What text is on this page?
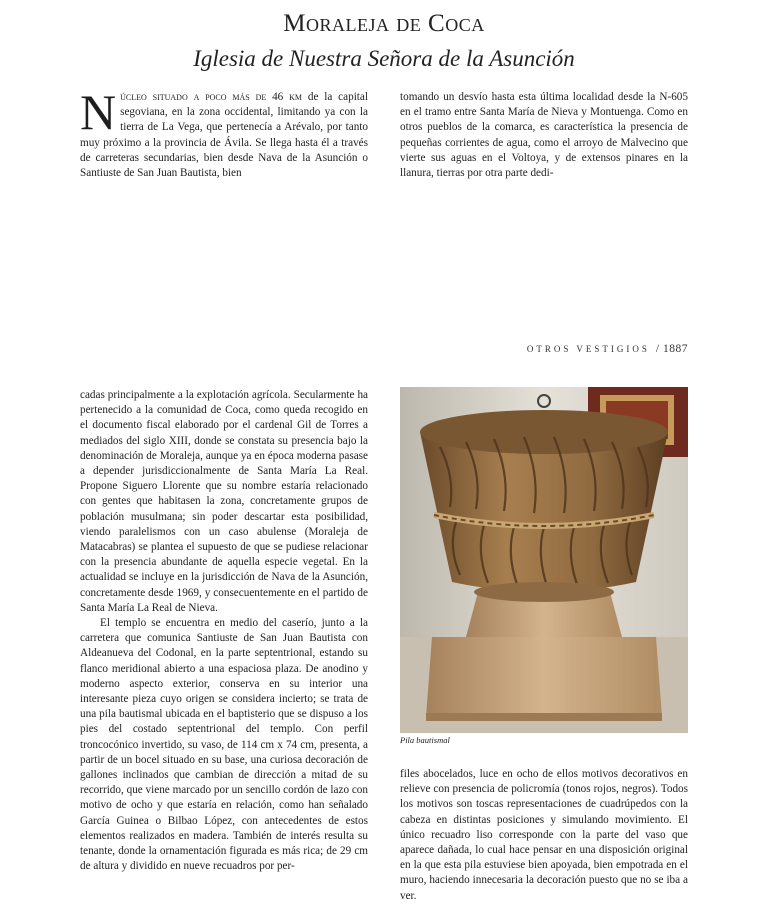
Moraleja de Coca
Iglesia de Nuestra Señora de la Asunción

Núcleo situado a poco más de 46 km de la capital segoviana, en la zona occidental, limitando ya con la tierra de La Vega, que pertenecía a Arévalo, por tanto muy próximo a la provincia de Ávila. Se llega hasta él a través de carreteras secundarias, bien desde Nava de la Asunción o Santiuste de San Juan Bautista, bien

tomando un desvío hasta esta última localidad desde la N-605 en el tramo entre Santa María de Nieva y Montuenga. Como en otros pueblos de la comarca, es característica la presencia de pequeñas corrientes de agua, como el arroyo de Malvecino que vierte sus aguas en el Voltoya, y de extensos pinares en la llanura, tierras por otra parte dedi-

OTROS VESTIGIOS / 1887

cadas principalmente a la explotación agrícola. Secularmente ha pertenecido a la comunidad de Coca, como queda recogido en el documento fiscal elaborado por el cardenal Gil de Torres a mediados del siglo XIII, donde se constata su presencia bajo la denominación de Moraleja, aunque ya en época moderna pasase a depender jurisdiccionalmente de Santa María La Real. Propone Siguero Llorente que su nombre estaría relacionado con gentes que habitasen la zona, concretamente grupos de población musulmana; sin poder descartar esta posibilidad, viendo paralelismos con un caso abulense (Moraleja de Matacabras) se plantea el supuesto de que se pudiese relacionar con la presencia abundante de aquella especie vegetal. En la actualidad se incluye en la jurisdicción de Nava de la Asunción, concretamente desde 1969, y consecuentemente en el partido de Santa María La Real de Nieva.

El templo se encuentra en medio del caserío, junto a la carretera que comunica Santiuste de San Juan Bautista con Aldeanueva del Codonal, en la parte septentrional, estando su flanco meridional abierto a una espaciosa plaza. De anodino y moderno aspecto exterior, conserva en su interior una interesante pieza cuyo origen se considera incierto; se trata de una pila bautismal ubicada en el baptisterio que se dispuso a los pies del costado septentrional del templo. Con perfil troncocónico invertido, su vaso, de 114 cm x 74 cm, presenta, a partir de un bocel situado en su base, una curiosa decoración de gallones inclinados que cambian de dirección a mitad de su recorrido, que viene marcado por un sencillo cordón de lazo con motivo de ocho y que estaría en relación, como han señalado García Guinea o Bilbao López, con antecedentes de estos elementos realizados en madera. También de interés resulta su tenante, donde la ornamentación figurada es más rica; de 29 cm de altura y dividido en nueve recuadros por per-

Pila bautismal

files abocelados, luce en ocho de ellos motivos decorativos en relieve con presencia de policromía (tonos rojos, negros). Todos los motivos son toscas representaciones de cuadrúpedos con la cabeza en distintas posiciones y simulando movimiento. El único recuadro liso corresponde con la parte del vaso que aparece dañada, lo cual hace pensar en una disposición original en la que esta pila estuviese bien apoyada, bien empotrada en el muro, haciendo innecesaria la decoración puesto que no se iba a ver.
